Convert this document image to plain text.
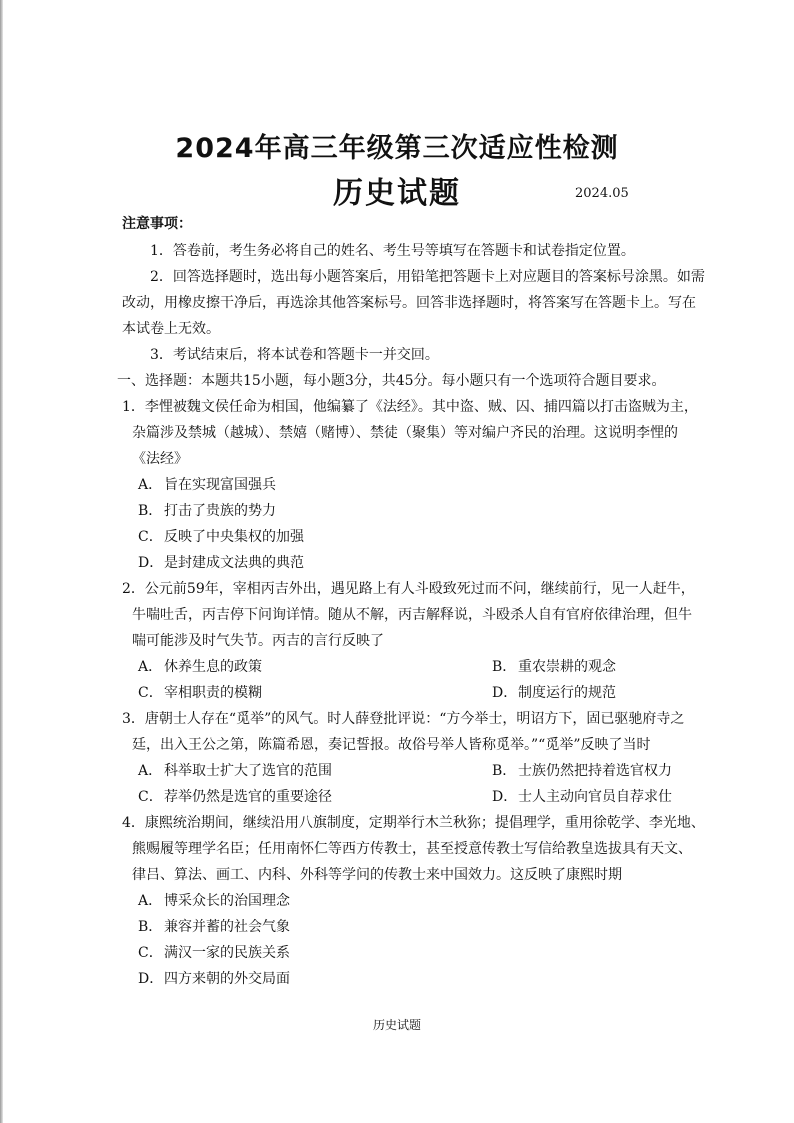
2024年高三年级第三次适应性检测
历史试题	2024.05
注意事项：
1．答卷前，考生务必将自己的姓名、考生号等填写在答题卡和试卷指定位置。
2．回答选择题时，选出每小题答案后，用铅笔把答题卡上对应题目的答案标号涂黑。如需
改动，用橡皮擦干净后，再选涂其他答案标号。回答非选择题时，将答案写在答题卡上。写在
本试卷上无效。
3．考试结束后，将本试卷和答题卡一并交回。
一、选择题：本题共15小题，每小题3分，共45分。每小题只有一个选项符合题目要求。
1．李悝被魏文侯任命为相国，他编纂了《法经》。其中盗、贼、囚、捕四篇以打击盗贼为主，
杂篇涉及禁城（越城）、禁嬉（赌博）、禁徒（聚集）等对编户齐民的治理。这说明李悝的
《法经》
A． 旨在实现富国强兵
B． 打击了贵族的势力
C．反映了中央集权的加强
D．是封建成文法典的典范
2．公元前59年，宰相丙吉外出，遇见路上有人斗殴致死过而不问，继续前行，见一人赶牛，
牛喘吐舌，丙吉停下问询详情。随从不解，丙吉解释说，斗殴杀人自有官府依律治理，但牛
喘可能涉及时气失节。丙吉的言行反映了
A． 休养生息的政策	B． 重农崇耕的观念
C．宰相职责的模糊	D．制度运行的规范
3．唐朝士人存在“觅举”的风气。时人薛登批评说：“方今举士，明诏方下，固已驱驰府寺之
廷，出入王公之第，陈篇希恩，奏记誓报。故俗号举人皆称觅举。”“觅举”反映了当时
A． 科举取士扩大了选官的范围	B． 士族仍然把持着选官权力
C．荐举仍然是选官的重要途径	D．士人主动向官员自荐求仕
4．康熙统治期间，继续沿用八旗制度，定期举行木兰秋狝；提倡理学，重用徐乾学、李光地、
熊赐履等理学名臣；任用南怀仁等西方传教士，甚至授意传教士写信给教皇选拔具有天文、
律吕、算法、画工、内科、外科等学问的传教士来中国效力。这反映了康熙时期
A． 博采众长的治国理念
B． 兼容并蓄的社会气象
C．满汉一家的民族关系
D．四方来朝的外交局面
历史试题
